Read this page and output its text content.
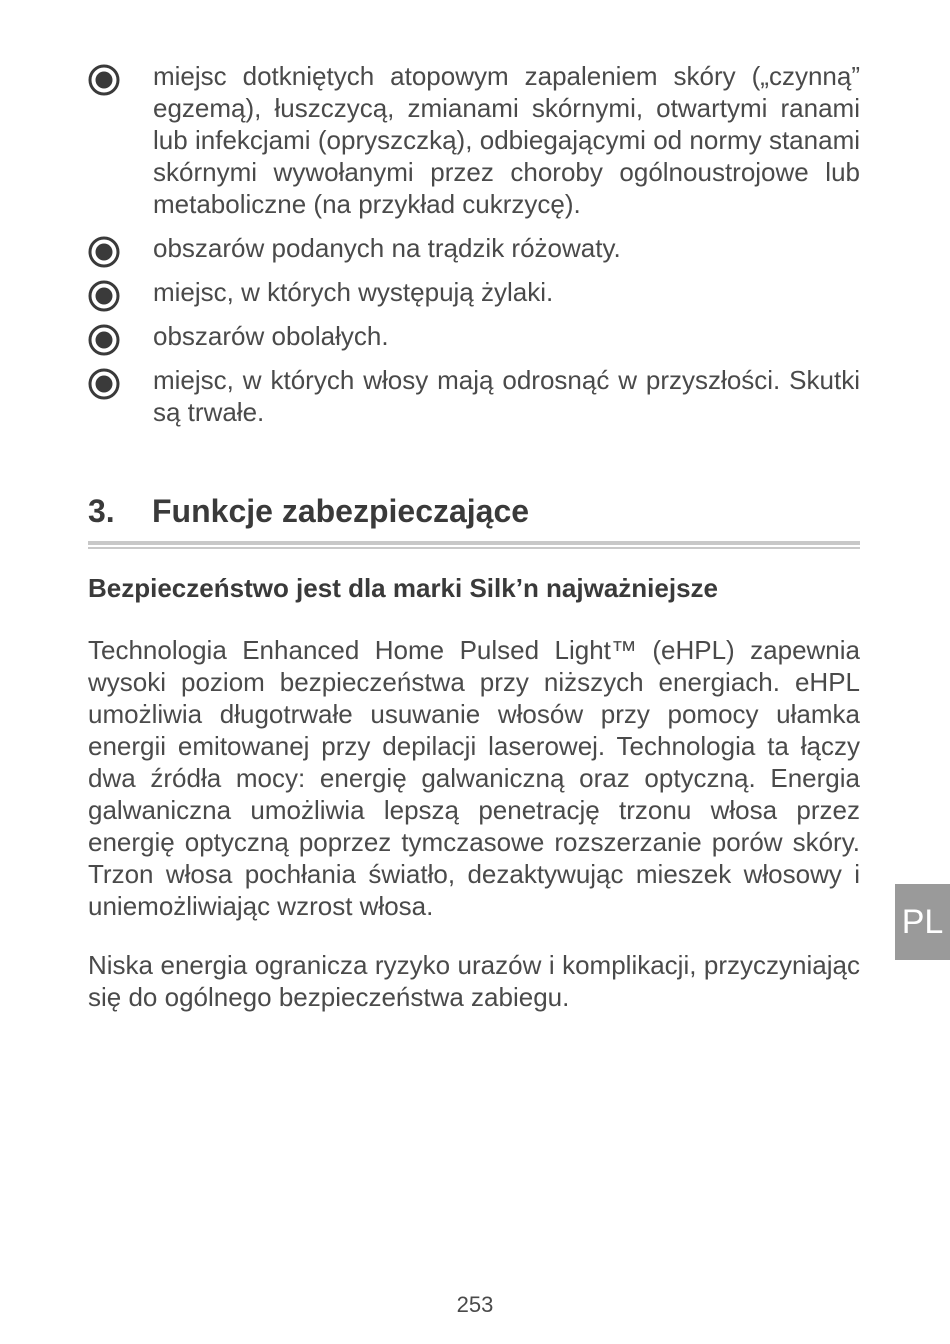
miejsc dotkniętych atopowym zapaleniem skóry („czynną” egzemą), łuszczycą, zmianami skórnymi, otwartymi ranami lub infekcjami (opryszczką), odbiegającymi od normy stanami skórnymi wywołanymi przez choroby ogólnoustrojowe lub metaboliczne (na przykład cukrzycę).
obszarów podanych na trądzik różowaty.
miejsc, w których występują żylaki.
obszarów obolałych.
miejsc, w których włosy mają odrosnąć w przyszłości. Skutki są trwałe.
3. Funkcje zabezpieczające
Bezpieczeństwo jest dla marki Silk’n najważniejsze
Technologia Enhanced Home Pulsed Light™ (eHPL) zapewnia wysoki poziom bezpieczeństwa przy niższych energiach. eHPL umożliwia długotrwałe usuwanie włosów przy pomocy ułamka energii emitowanej przy depilacji laserowej. Technologia ta łączy dwa źródła mocy: energię galwaniczną oraz optyczną. Energia galwaniczna umożliwia lepszą penetrację trzonu włosa przez energię optyczną poprzez tymczasowe rozszerzanie porów skóry. Trzon włosa pochłania światło, dezaktywując mieszek włosowy i uniemożliwiając wzrost włosa.
Niska energia ogranicza ryzyko urazów i komplikacji, przyczyniając się do ogólnego bezpieczeństwa zabiegu.
PL
253
